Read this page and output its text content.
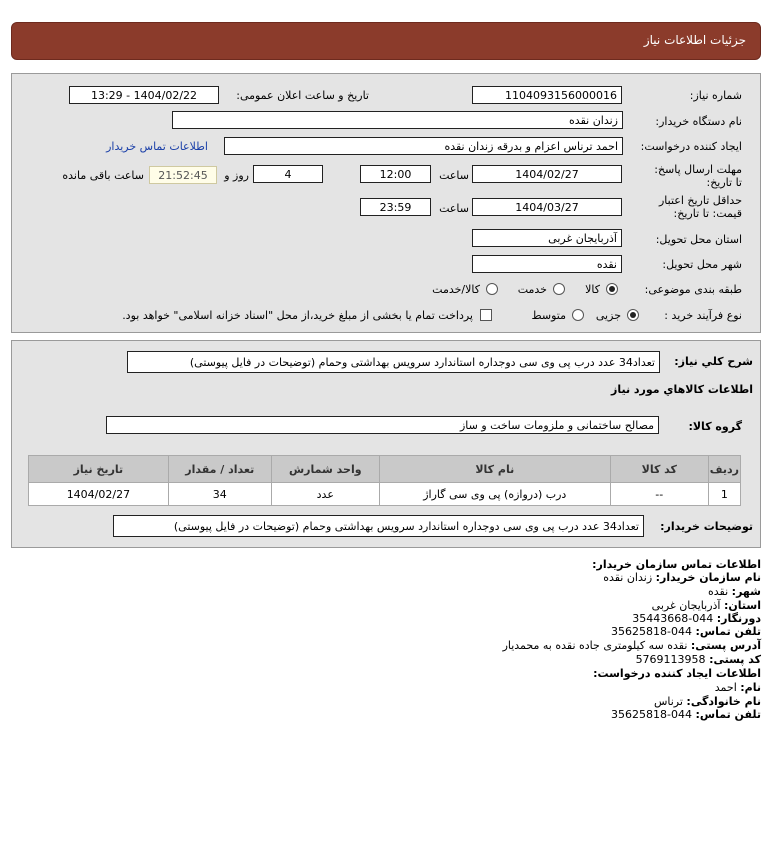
جزئیات اطلاعات نیاز
شماره نیاز:
1104093156000016
تاریخ و ساعت اعلان عمومی:
1404/02/22 - 13:29
نام دستگاه خریدار:
زندان نقده
ایجاد کننده درخواست:
احمد ترناس اعزام و بدرقه زندان نقده
اطلاعات تماس خریدار
مهلت ارسال پاسخ: تا تاریخ:
1404/02/27
ساعت
12:00
4
روز و
21:52:45
ساعت باقی مانده
حداقل تاریخ اعتبار قیمت: تا تاریخ:
1404/03/27
ساعت
23:59
استان محل تحویل:
آذربایجان غربی
شهر محل تحویل:
نقده
طبقه بندی موضوعی:
کالا
خدمت
کالا/خدمت
نوع فرآیند خرید :
جزیی
متوسط
پرداخت تمام یا بخشی از مبلغ خرید،از محل "اسناد خزانه اسلامی" خواهد بود.
شرح کلي نياز:
تعداد34 عدد درب پی وی سی دوجداره استاندارد سرویس بهداشتی وحمام (توضیحات در فایل پیوستی)
اطلاعات کالاهاي مورد نياز
گروه کالا:
مصالح ساختمانی و ملزومات ساخت و ساز
ردیف	کد کالا	نام کالا	واحد شمارش	تعداد / مقدار	تاریخ نیاز
1	--	درب (دروازه) پی وی سی گاراژ	عدد	34	1404/02/27
توضیحات خریدار:
تعداد34 عدد درب پی وی سی دوجداره استاندارد سرویس بهداشتی وحمام (توضیحات در فایل پیوستی)
اطلاعات تماس سازمان خریدار:
نام سازمان خریدار: زندان نقده
شهر: نقده
استان: آذربایجان غربی
دورنگار: 044-35443668
تلفن تماس: 044-35625818
آدرس پستی: نقده سه کیلومتری جاده نقده به محمدیار
کد پستی: 5769113958
اطلاعات ایجاد کننده درخواست:
نام: احمد
نام خانوادگی: ترناس
تلفن تماس: 044-35625818
